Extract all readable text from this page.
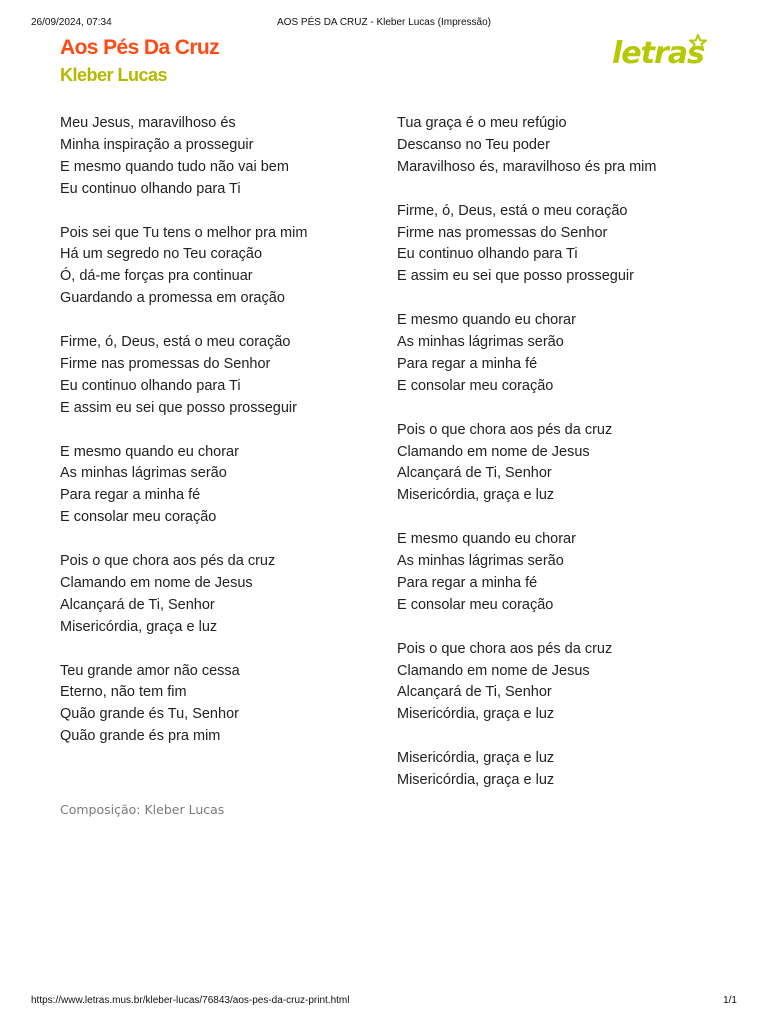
26/09/2024, 07:34	AOS PÉS DA CRUZ - Kleber Lucas (Impressão)
Aos Pés Da Cruz
Kleber Lucas
letras

Meu Jesus, maravilhoso és
Minha inspiração a prosseguir
E mesmo quando tudo não vai bem
Eu continuo olhando para Ti

Pois sei que Tu tens o melhor pra mim
Há um segredo no Teu coração
Ó, dá-me forças pra continuar
Guardando a promessa em oração

Firme, ó, Deus, está o meu coração
Firme nas promessas do Senhor
Eu continuo olhando para Ti
E assim eu sei que posso prosseguir

E mesmo quando eu chorar
As minhas lágrimas serão
Para regar a minha fé
E consolar meu coração

Pois o que chora aos pés da cruz
Clamando em nome de Jesus
Alcançará de Ti, Senhor
Misericórdia, graça e luz

Teu grande amor não cessa
Eterno, não tem fim
Quão grande és Tu, Senhor
Quão grande és pra mim

Tua graça é o meu refúgio
Descanso no Teu poder
Maravilhoso és, maravilhoso és pra mim

Firme, ó, Deus, está o meu coração
Firme nas promessas do Senhor
Eu continuo olhando para Ti
E assim eu sei que posso prosseguir

E mesmo quando eu chorar
As minhas lágrimas serão
Para regar a minha fé
E consolar meu coração

Pois o que chora aos pés da cruz
Clamando em nome de Jesus
Alcançará de Ti, Senhor
Misericórdia, graça e luz

E mesmo quando eu chorar
As minhas lágrimas serão
Para regar a minha fé
E consolar meu coração

Pois o que chora aos pés da cruz
Clamando em nome de Jesus
Alcançará de Ti, Senhor
Misericórdia, graça e luz

Misericórdia, graça e luz
Misericórdia, graça e luz

Composição: Kleber Lucas
https://www.letras.mus.br/kleber-lucas/76843/aos-pes-da-cruz-print.html	1/1
